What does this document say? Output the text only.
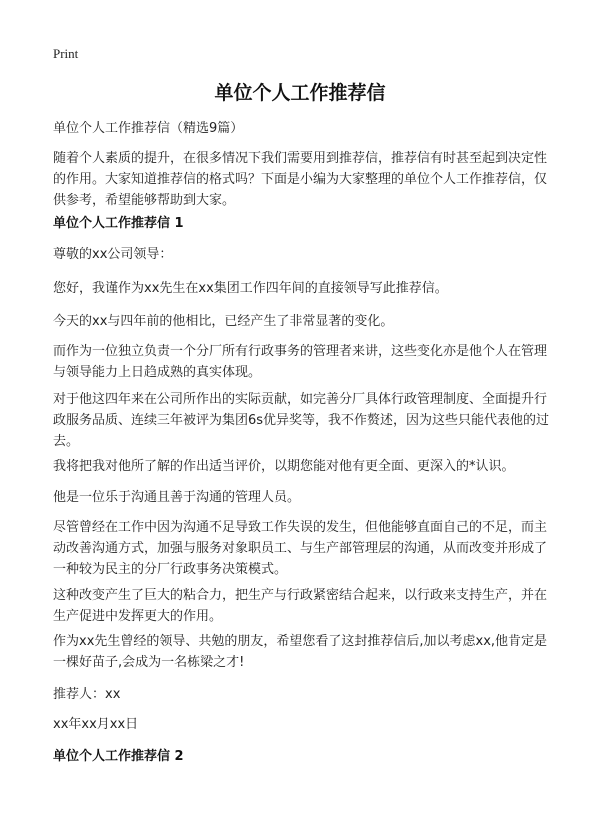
Print
单位个人工作推荐信

单位个人工作推荐信（精选9篇）

随着个人素质的提升，在很多情况下我们需要用到推荐信，推荐信有时甚至起到决定性的作用。大家知道推荐信的格式吗？下面是小编为大家整理的单位个人工作推荐信，仅供参考，希望能够帮助到大家。

单位个人工作推荐信 1

尊敬的xx公司领导：

您好，我谨作为xx先生在xx集团工作四年间的直接领导写此推荐信。

今天的xx与四年前的他相比，已经产生了非常显著的变化。

而作为一位独立负责一个分厂所有行政事务的管理者来讲，这些变化亦是他个人在管理与领导能力上日趋成熟的真实体现。

对于他这四年来在公司所作出的实际贡献，如完善分厂具体行政管理制度、全面提升行政服务品质、连续三年被评为集团6s优异奖等，我不作赘述，因为这些只能代表他的过去。

我将把我对他所了解的作出适当评价，以期您能对他有更全面、更深入的*认识。

他是一位乐于沟通且善于沟通的管理人员。

尽管曾经在工作中因为沟通不足导致工作失误的发生，但他能够直面自己的不足，而主动改善沟通方式，加强与服务对象职员工、与生产部管理层的沟通，从而改变并形成了一种较为民主的分厂行政事务决策模式。

这种改变产生了巨大的粘合力，把生产与行政紧密结合起来，以行政来支持生产，并在生产促进中发挥更大的作用。

作为xx先生曾经的领导、共勉的朋友，希望您看了这封推荐信后,加以考虑xx,他肯定是一棵好苗子,会成为一名栋梁之才!

推荐人：xx

xx年xx月xx日

单位个人工作推荐信 2
